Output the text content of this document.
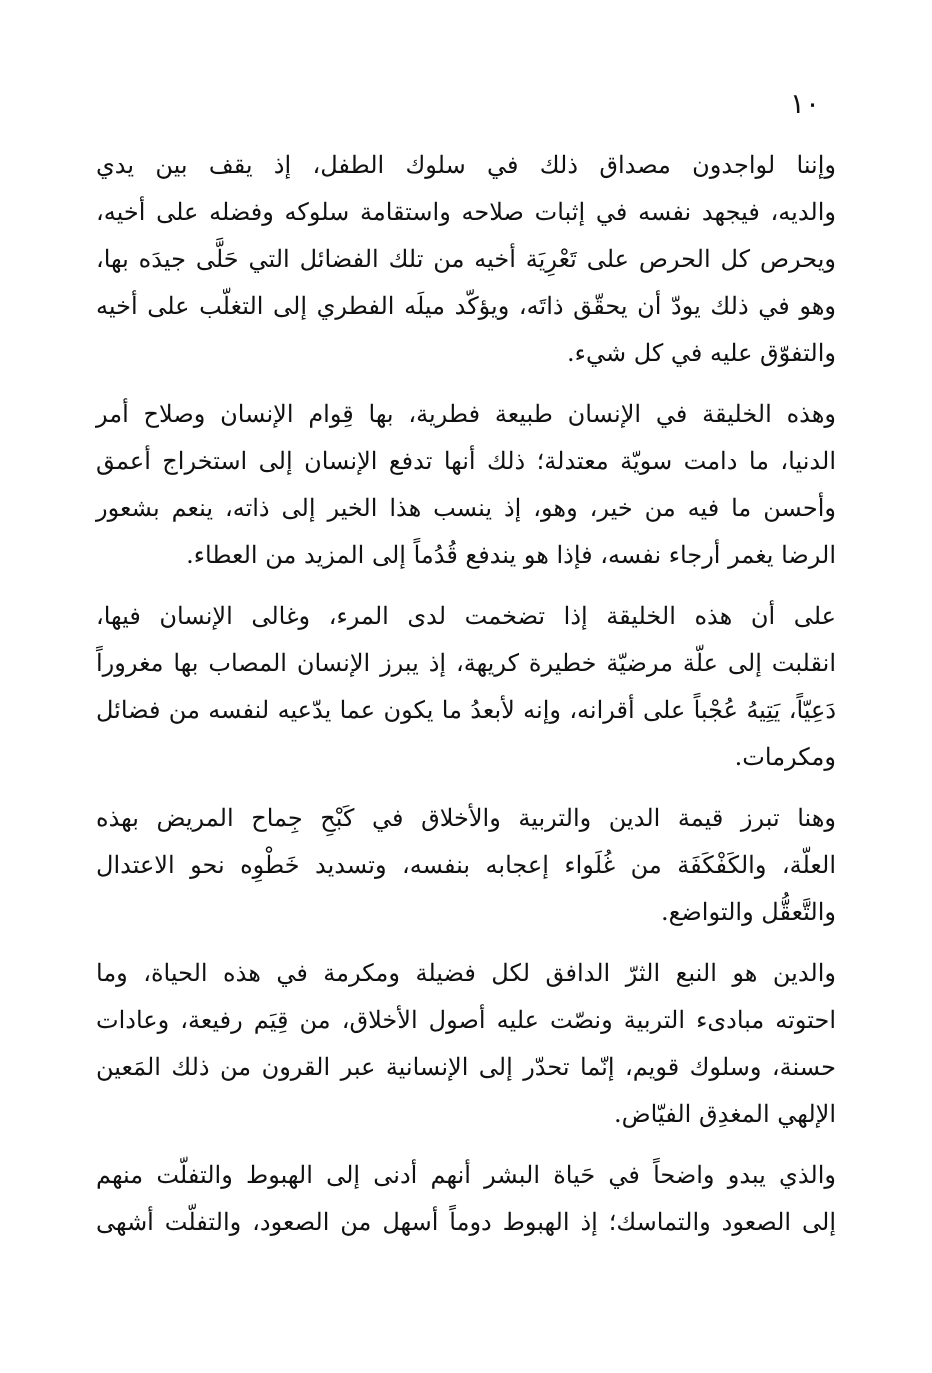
١٠

وإننا لواجدون مصداق ذلك في سلوك الطفل، إذ يقف بين يدي
والديه، فيجهد نفسه في إثبات صلاحه واستقامة سلوكه وفضله على أخيه،
ويحرص كل الحرص على تَعْرِيَة أخيه من تلك الفضائل التي حَلَّى جيدَه بها،
وهو في ذلك يودّ أن يحقّق ذاتَه، ويؤكّد ميلَه الفطري إلى التغلّب على أخيه
والتفوّق عليه في كل شيء.

وهذه الخليقة في الإنسان طبيعة فطرية، بها قِوام الإنسان وصلاح أمر
الدنيا، ما دامت سويّة معتدلة؛ ذلك أنها تدفع الإنسان إلى استخراج أعمق
وأحسن ما فيه من خير، وهو، إذ ينسب هذا الخير إلى ذاته، ينعم بشعور
الرضا يغمر أرجاء نفسه، فإذا هو يندفع قُدُماً إلى المزيد من العطاء.

على أن هذه الخليقة إذا تضخمت لدى المرء، وغالى الإنسان فيها،
انقلبت إلى علّة مرضيّة خطيرة كريهة، إذ يبرز الإنسان المصاب بها مغروراً
دَعِيّاً، يَتِيهُ عُجْباً على أقرانه، وإنه لأبعدُ ما يكون عما يدّعيه لنفسه من فضائل
ومكرمات.

وهنا تبرز قيمة الدين والتربية والأخلاق في كَبْحِ جِماح المريض بهذه
العلّة، والكَفْكَفَة من غُلَواء إعجابه بنفسه، وتسديد خَطْوِه نحو الاعتدال
والتَّعقُّل والتواضع.

والدين هو النبع الثرّ الدافق لكل فضيلة ومكرمة في هذه الحياة، وما
احتوته مبادىء التربية ونصّت عليه أصول الأخلاق، من قِيَم رفيعة، وعادات
حسنة، وسلوك قويم، إنّما تحدّر إلى الإنسانية عبر القرون من ذلك المَعين
الإلهي المغدِق الفيّاض.

والذي يبدو واضحاً في حَياة البشر أنهم أدنى إلى الهبوط والتفلّت منهم
إلى الصعود والتماسك؛ إذ الهبوط دوماً أسهل من الصعود، والتفلّت أشهى
